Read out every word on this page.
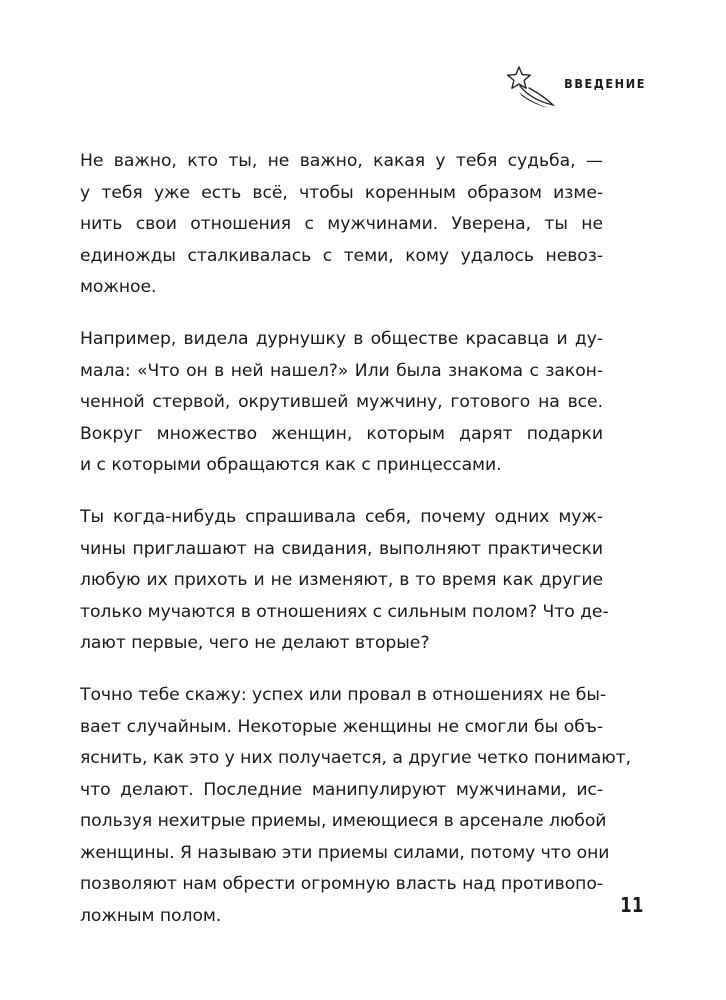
ВВЕДЕНИЕ
Не важно, кто ты, не важно, какая у тебя судьба, —
у тебя уже есть всё, чтобы коренным образом изме-
нить свои отношения с мужчинами. Уверена, ты не
единожды сталкивалась с теми, кому удалось невоз-
можное.
Например, видела дурнушку в обществе красавца и ду-
мала: «Что он в ней нашел?» Или была знакома с закон-
ченной стервой, окрутившей мужчину, готового на все.
Вокруг множество женщин, которым дарят подарки
и с которыми обращаются как с принцессами.
Ты когда-нибудь спрашивала себя, почему одних муж-
чины приглашают на свидания, выполняют практически
любую их прихоть и не изменяют, в то время как другие
только мучаются в отношениях с сильным полом? Что де-
лают первые, чего не делают вторые?
Точно тебе скажу: успех или провал в отношениях не бы-
вает случайным. Некоторые женщины не смогли бы объ-
яснить, как это у них получается, а другие четко понимают,
что делают. Последние манипулируют мужчинами, ис-
пользуя нехитрые приемы, имеющиеся в арсенале любой
женщины. Я называю эти приемы силами, потому что они
позволяют нам обрести огромную власть над противопо-
ложным полом.	11
